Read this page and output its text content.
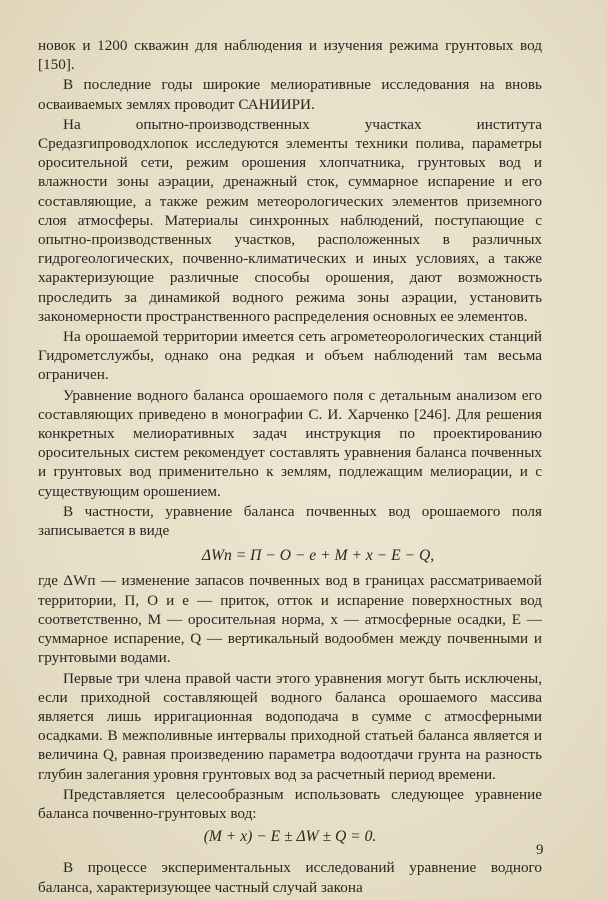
новок и 1200 скважин для наблюдения и изучения режима грунтовых вод [150].

В последние годы широкие мелиоративные исследования на вновь осваиваемых землях проводит САНИИРИ.

На опытно-производственных участках института Средазгипроводхлопок исследуются элементы техники полива, параметры оросительной сети, режим орошения хлопчатника, грунтовых вод и влажности зоны аэрации, дренажный сток, суммарное испарение и его составляющие, а также режим метеорологических элементов приземного слоя атмосферы. Материалы синхронных наблюдений, поступающие с опытно-производственных участков, расположенных в различных гидрогеологических, почвенно-климатических и иных условиях, а также характеризующие различные способы орошения, дают возможность проследить за динамикой водного режима зоны аэрации, установить закономерности пространственного распределения основных ее элементов.

На орошаемой территории имеется сеть агрометеорологических станций Гидрометслужбы, однако она редкая и объем наблюдений там весьма ограничен.

Уравнение водного баланса орошаемого поля с детальным анализом его составляющих приведено в монографии С. И. Харченко [246]. Для решения конкретных мелиоративных задач инструкция по проектированию оросительных систем рекомендует составлять уравнения баланса почвенных и грунтовых вод применительно к землям, подлежащим мелиорации, и с существующим орошением.

В частности, уравнение баланса почвенных вод орошаемого поля записывается в виде

ΔWп = П − О − e + M + x − E − Q,

где ΔWп — изменение запасов почвенных вод в границах рассматриваемой территории, П, О и e — приток, отток и испарение поверхностных вод соответственно, M — оросительная норма, x — атмосферные осадки, E — суммарное испарение, Q — вертикальный водообмен между почвенными и грунтовыми водами.

Первые три члена правой части этого уравнения могут быть исключены, если приходной составляющей водного баланса орошаемого массива является лишь ирригационная водоподача в сумме с атмосферными осадками. В межполивные интервалы приходной статьей баланса является и величина Q, равная произведению параметра водоотдачи грунта на разность глубин залегания уровня грунтовых вод за расчетный период времени.

Представляется целесообразным использовать следующее уравнение баланса почвенно-грунтовых вод:

(M + x) − E ± ΔW ± Q = 0.

В процессе экспериментальных исследований уравнение водного баланса, характеризующее частный случай закона

9
